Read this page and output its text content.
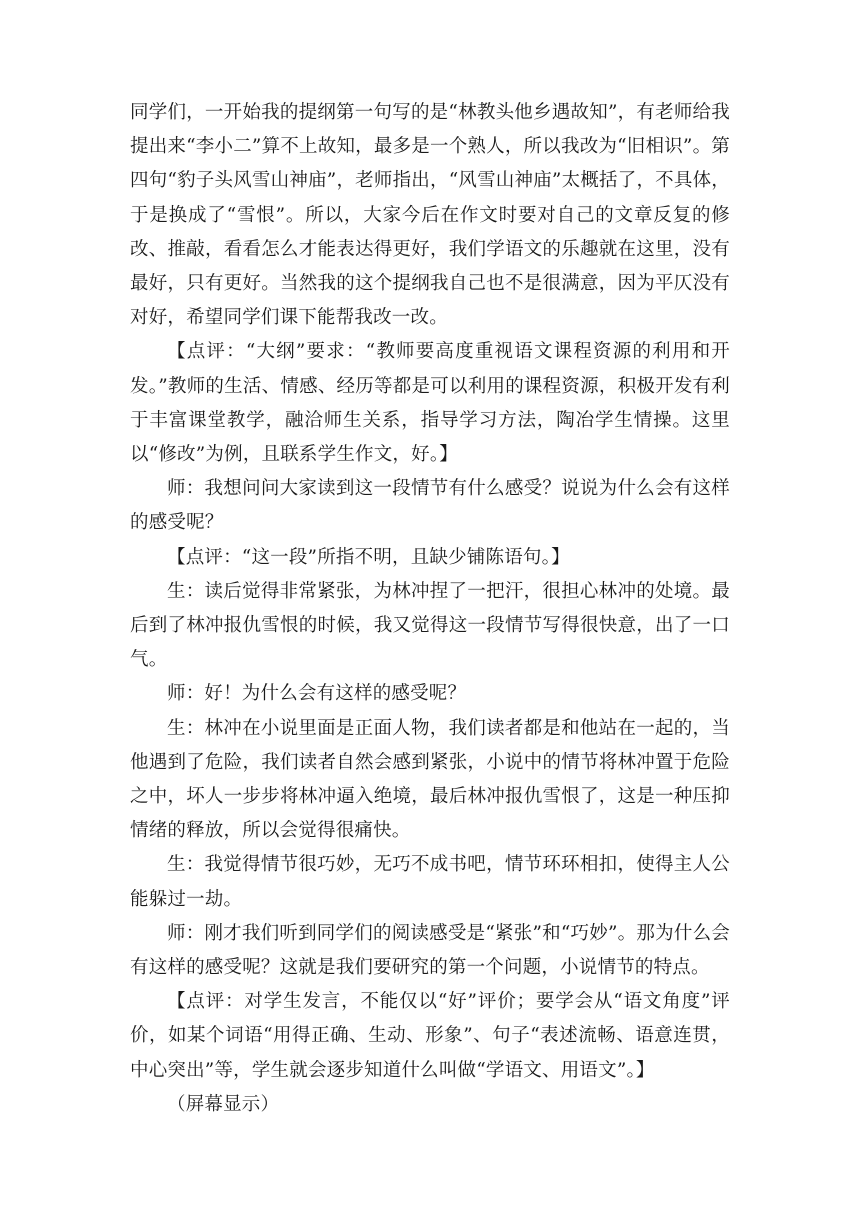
同学们，一开始我的提纲第一句写的是“林教头他乡遇故知”，有老师给我提出来“李小二”算不上故知，最多是一个熟人，所以我改为“旧相识”。第四句“豹子头风雪山神庙”，老师指出，“风雪山神庙”太概括了，不具体，于是换成了“雪恨”。所以，大家今后在作文时要对自己的文章反复的修改、推敲，看看怎么才能表达得更好，我们学语文的乐趣就在这里，没有最好，只有更好。当然我的这个提纲我自己也不是很满意，因为平仄没有对好，希望同学们课下能帮我改一改。

【点评：“大纲”要求：“教师要高度重视语文课程资源的利用和开发。”教师的生活、情感、经历等都是可以利用的课程资源，积极开发有利于丰富课堂教学，融洽师生关系，指导学习方法，陶冶学生情操。这里以“修改”为例，且联系学生作文，好。】

师：我想问问大家读到这一段情节有什么感受？说说为什么会有这样的感受呢？

【点评：“这一段”所指不明，且缺少铺陈语句。】

生：读后觉得非常紧张，为林冲捏了一把汗，很担心林冲的处境。最后到了林冲报仇雪恨的时候，我又觉得这一段情节写得很快意，出了一口气。

师：好！为什么会有这样的感受呢？

生：林冲在小说里面是正面人物，我们读者都是和他站在一起的，当他遇到了危险，我们读者自然会感到紧张，小说中的情节将林冲置于危险之中，坏人一步步将林冲逼入绝境，最后林冲报仇雪恨了，这是一种压抑情绪的释放，所以会觉得很痛快。

生：我觉得情节很巧妙，无巧不成书吧，情节环环相扣，使得主人公能躲过一劫。

师：刚才我们听到同学们的阅读感受是“紧张”和“巧妙”。那为什么会有这样的感受呢？这就是我们要研究的第一个问题，小说情节的特点。

【点评：对学生发言，不能仅以“好”评价；要学会从“语文角度”评价，如某个词语“用得正确、生动、形象”、句子“表述流畅、语意连贯，中心突出”等，学生就会逐步知道什么叫做“学语文、用语文”。】

（屏幕显示）
